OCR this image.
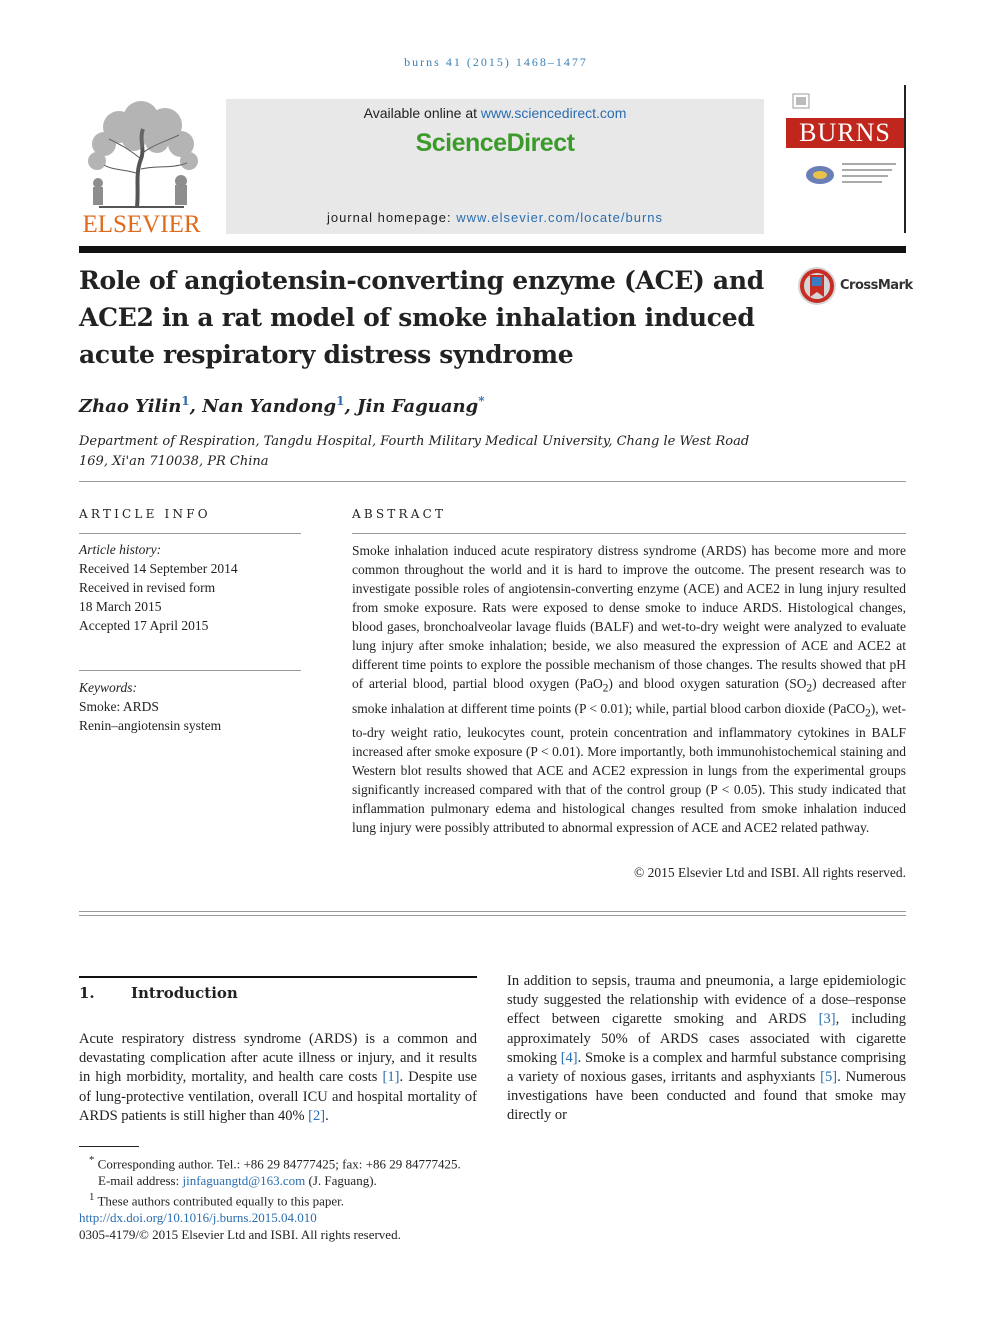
burns 41 (2015) 1468–1477
ELSEVIER
Available online at www.sciencedirect.com
ScienceDirect
journal homepage: www.elsevier.com/locate/burns
BURNS
Role of angiotensin-converting enzyme (ACE) and ACE2 in a rat model of smoke inhalation induced acute respiratory distress syndrome
CrossMark
Zhao Yilin$^1$, Nan Yandong$^1$, Jin Faguang*
Department of Respiration, Tangdu Hospital, Fourth Military Medical University, Chang le West Road 169, Xi'an 710038, PR China
ARTICLE INFO
Article history:
Received 14 September 2014
Received in revised form
18 March 2015
Accepted 17 April 2015
Keywords:
Smoke: ARDS
Renin–angiotensin system
ABSTRACT
Smoke inhalation induced acute respiratory distress syndrome (ARDS) has become more and more common throughout the world and it is hard to improve the outcome. The present research was to investigate possible roles of angiotensin-converting enzyme (ACE) and ACE2 in lung injury resulted from smoke exposure. Rats were exposed to dense smoke to induce ARDS. Histological changes, blood gases, bronchoalveolar lavage fluids (BALF) and wet-to-dry weight were analyzed to evaluate lung injury after smoke inhalation; beside, we also measured the expression of ACE and ACE2 at different time points to explore the possible mechanism of those changes. The results showed that pH of arterial blood, partial blood oxygen (PaO$_2$) and blood oxygen saturation $(SO_2)$ decreased after smoke inhalation at different time points (P < 0.01); while, partial blood carbon dioxide (PaCO$_2$), wet-to-dry weight ratio, leukocytes count, protein concentration and inflammatory cytokines in BALF increased after smoke exposure (P < 0.01). More importantly, both immunohistochemical staining and Western blot results showed that ACE and ACE2 expression in lungs from the experimental groups significantly increased compared with that of the control group (P < 0.05). This study indicated that inflammation pulmonary edema and histological changes resulted from smoke inhalation induced lung injury were possibly attributed to abnormal expression of ACE and ACE2 related pathway.
© 2015 Elsevier Ltd and ISBI. All rights reserved.
1. Introduction
Acute respiratory distress syndrome (ARDS) is a common and devastating complication after acute illness or injury, and it results in high morbidity, mortality, and health care costs [1]. Despite use of lung-protective ventilation, overall ICU and hospital mortality of ARDS patients is still higher than 40% [2].
In addition to sepsis, trauma and pneumonia, a large epidemiologic study suggested the relationship with evidence of a dose–response effect between cigarette smoking and ARDS [3], including approximately 50% of ARDS cases associated with cigarette smoking [4]. Smoke is a complex and harmful substance comprising a variety of noxious gases, irritants and asphyxiants [5]. Numerous investigations have been conducted and found that smoke may directly or
* Corresponding author. Tel.: +86 29 84777425; fax: +86 29 84777425.
E-mail address: jinfaguangtd@163.com (J. Faguang).
$^1$ These authors contributed equally to this paper.
http://dx.doi.org/10.1016/j.burns.2015.04.010
0305-4179/© 2015 Elsevier Ltd and ISBI. All rights reserved.
